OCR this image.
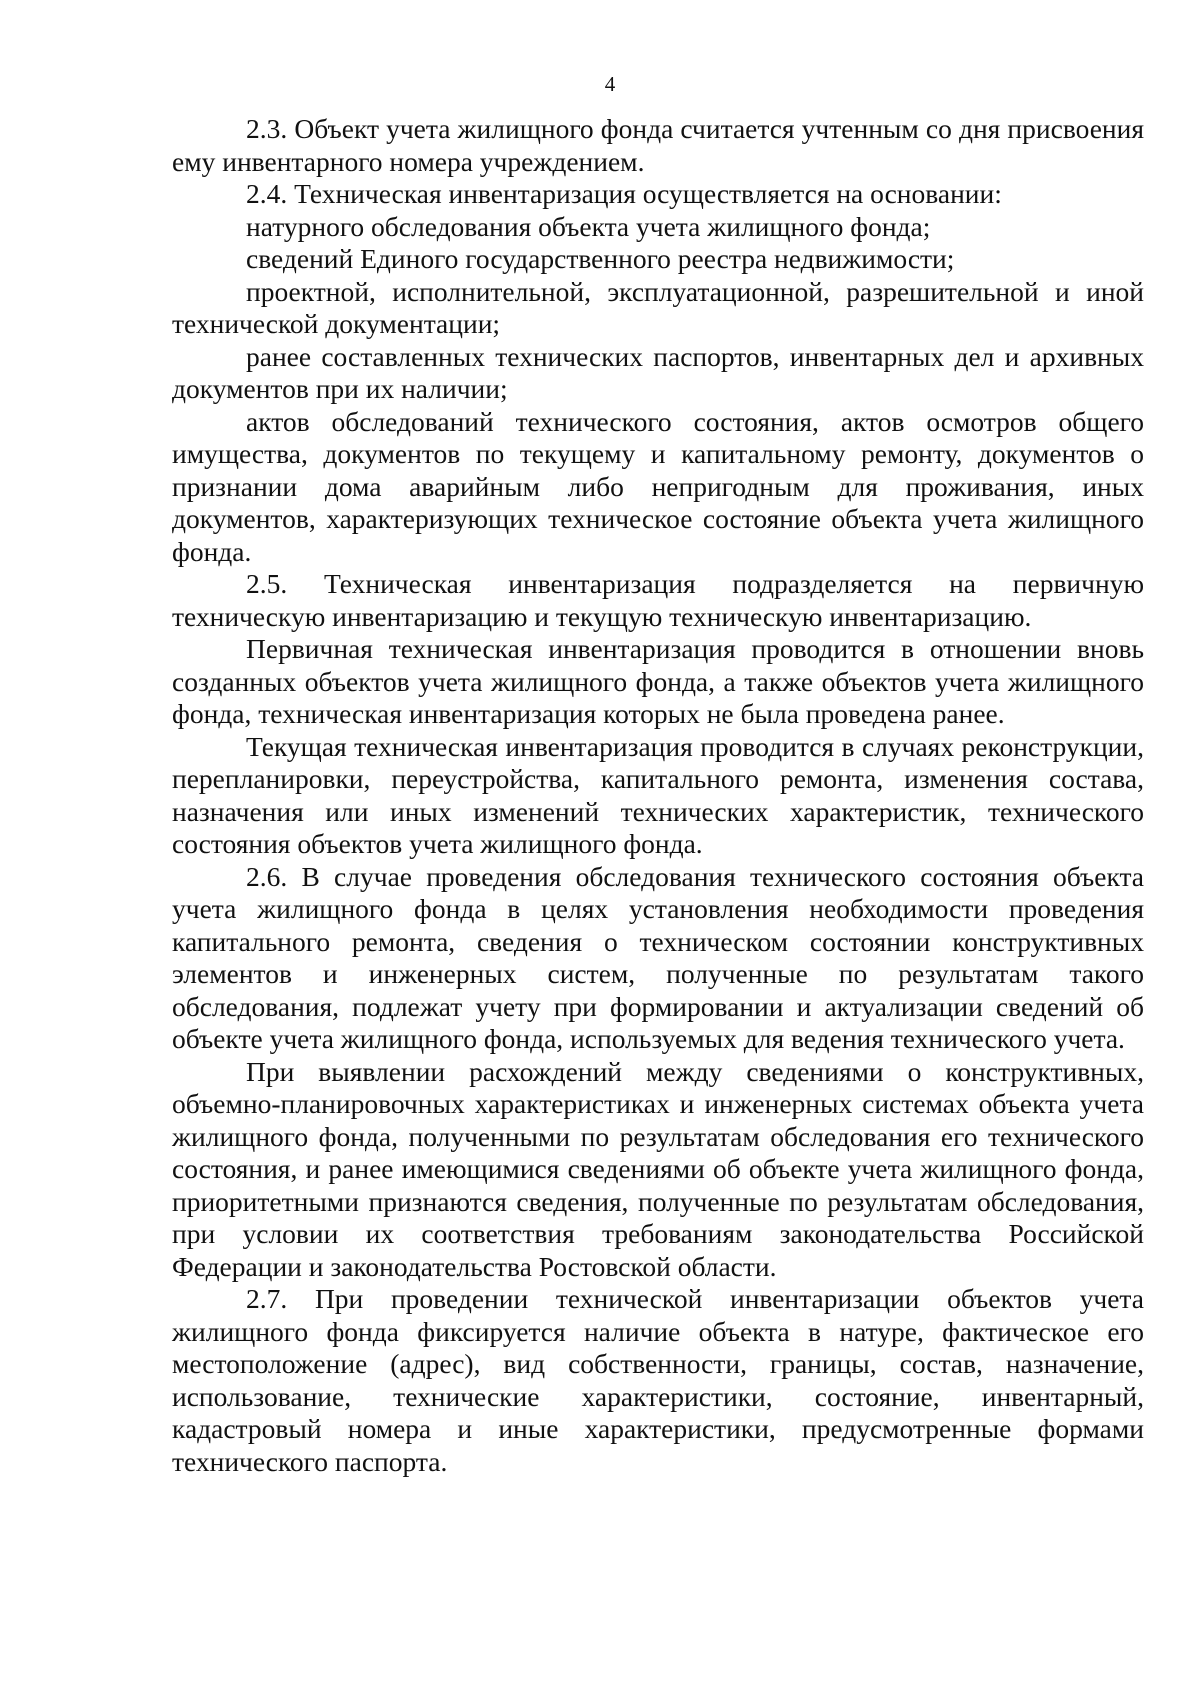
4

2.3. Объект учета жилищного фонда считается учтенным со дня присвоения ему инвентарного номера учреждением.

2.4. Техническая инвентаризация осуществляется на основании:

натурного обследования объекта учета жилищного фонда;

сведений Единого государственного реестра недвижимости;

проектной, исполнительной, эксплуатационной, разрешительной и иной технической документации;

ранее составленных технических паспортов, инвентарных дел и архивных документов при их наличии;

актов обследований технического состояния, актов осмотров общего имущества, документов по текущему и капитальному ремонту, документов о признании дома аварийным либо непригодным для проживания, иных документов, характеризующих техническое состояние объекта учета жилищного фонда.

2.5. Техническая инвентаризация подразделяется на первичную техническую инвентаризацию и текущую техническую инвентаризацию.

Первичная техническая инвентаризация проводится в отношении вновь созданных объектов учета жилищного фонда, а также объектов учета жилищного фонда, техническая инвентаризация которых не была проведена ранее.

Текущая техническая инвентаризация проводится в случаях реконструкции, перепланировки, переустройства, капитального ремонта, изменения состава, назначения или иных изменений технических характеристик, технического состояния объектов учета жилищного фонда.

2.6. В случае проведения обследования технического состояния объекта учета жилищного фонда в целях установления необходимости проведения капитального ремонта, сведения о техническом состоянии конструктивных элементов и инженерных систем, полученные по результатам такого обследования, подлежат учету при формировании и актуализации сведений об объекте учета жилищного фонда, используемых для ведения технического учета.

При выявлении расхождений между сведениями о конструктивных, объемно-планировочных характеристиках и инженерных системах объекта учета жилищного фонда, полученными по результатам обследования его технического состояния, и ранее имеющимися сведениями об объекте учета жилищного фонда, приоритетными признаются сведения, полученные по результатам обследования, при условии их соответствия требованиям законодательства Российской Федерации и законодательства Ростовской области.

2.7. При проведении технической инвентаризации объектов учета жилищного фонда фиксируется наличие объекта в натуре, фактическое его местоположение (адрес), вид собственности, границы, состав, назначение, использование, технические характеристики, состояние, инвентарный, кадастровый номера и иные характеристики, предусмотренные формами технического паспорта.
